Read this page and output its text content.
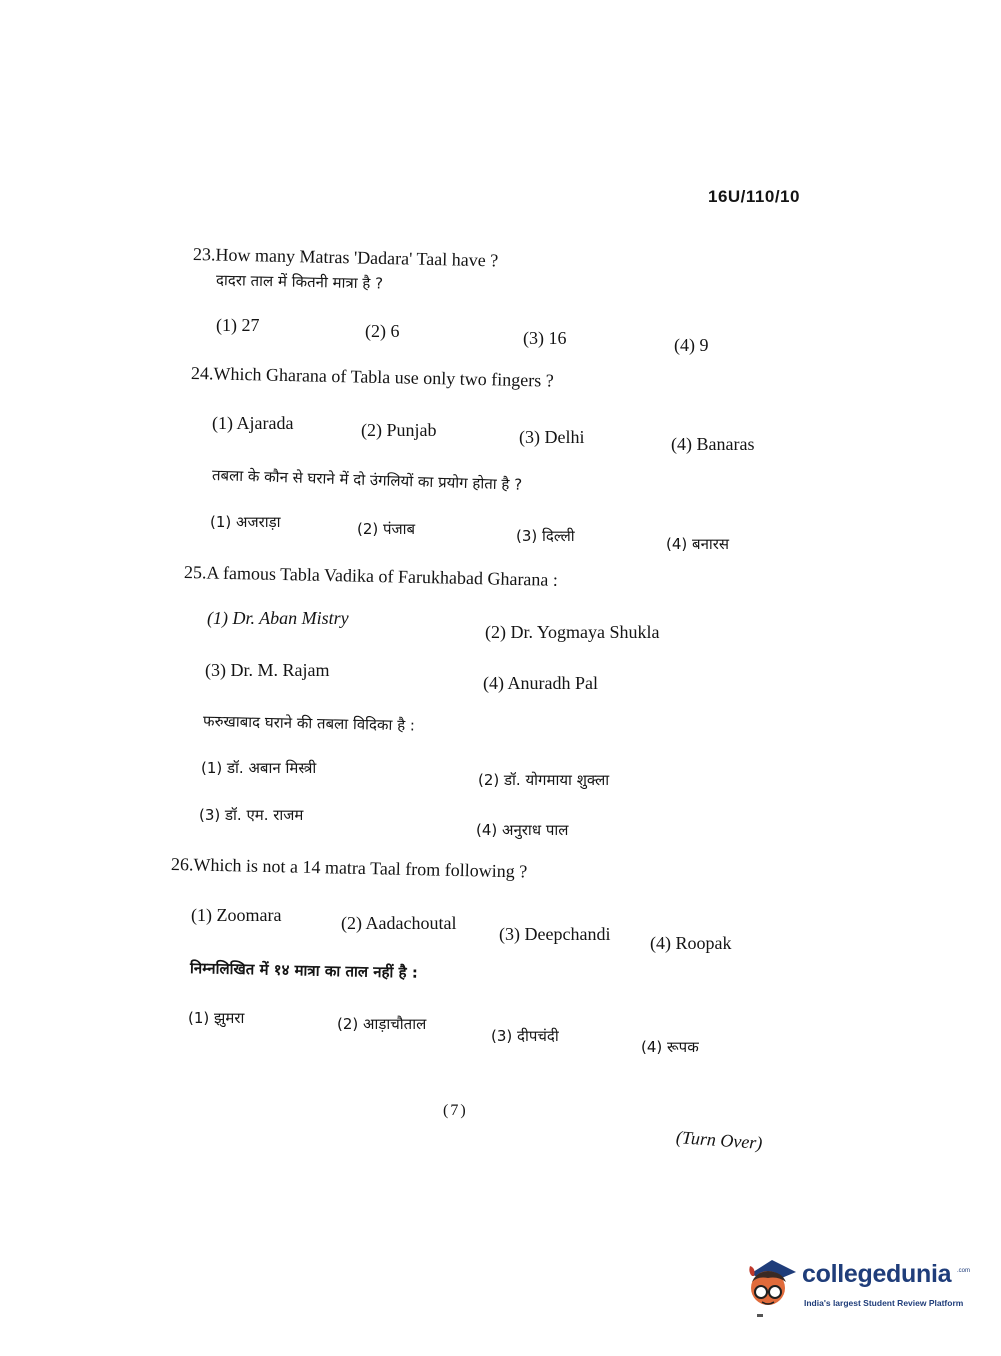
16U/110/10
23.How many Matras 'Dadara' Taal have ?
दादरा ताल में कितनी मात्रा है ?
(1) 27	(2) 6	(3) 16	(4) 9
24.Which Gharana of Tabla use only two fingers ?
(1) Ajarada	(2) Punjab	(3) Delhi	(4) Banaras
तबला के कौन से घराने में दो उंगलियों का प्रयोग होता है ?
(1) अजराड़ा	(2) पंजाब	(3) दिल्ली	(4) बनारस
25.A famous Tabla Vadika of Farukhabad Gharana :
(1) Dr. Aban Mistry
(2) Dr. Yogmaya Shukla
(3) Dr. M. Rajam
(4) Anuradh Pal
फरुखाबाद घराने की तबला विदिका है :
(1) डॉ. अबान मिस्त्री
(2) डॉ. योगमाया शुक्ला
(3) डॉ. एम. राजम
(4) अनुराध पाल
26.Which is not a 14 matra Taal from following ?
(1) Zoomara	(2) Aadachoutal
(3) Deepchandi (4) Roopak
निम्नलिखित में १४ मात्रा का ताल नहीं है :
(1) झुमरा	(2) आड़ाचौताल
(3) दीपचंदी
(4) रूपक
(7)
(Turn Over)
collegedunia .com
India's largest Student Review Platform
